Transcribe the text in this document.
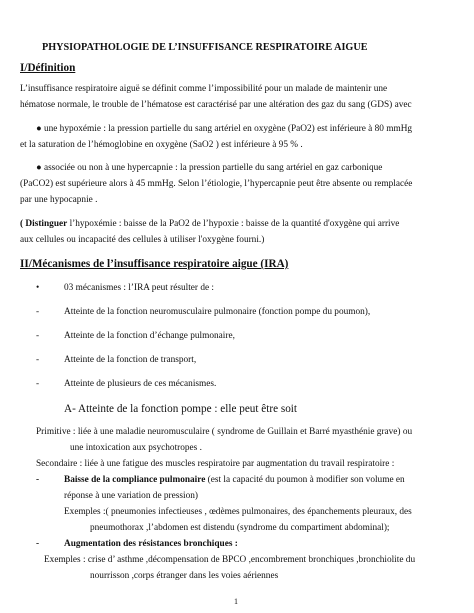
PHYSIOPATHOLOGIE DE L’INSUFFISANCE RESPIRATOIRE AIGUE
I/Définition
L’insuffisance respiratoire aiguë se définit comme l’impossibilité pour un malade de maintenir une
hématose normale, le trouble de l’hématose est caractérisé par une altération des gaz du sang (GDS) avec
● une hypoxémie : la pression partielle du sang artériel en oxygène (PaO2) est inférieure à 80 mmHg
et la saturation de l’hémoglobine en oxygène (SaO2 ) est inférieure à 95 % .
● associée ou non à une hypercapnie : la pression partielle du sang artériel en gaz carbonique
(PaCO2) est supérieure alors à 45 mmHg. Selon l’étiologie, l’hypercapnie peut être absente ou remplacée
par une hypocapnie .
( Distinguer l’hypoxémie : baisse de la PaO2 de l’hypoxie : baisse de la quantité d'oxygène qui arrive
aux cellules ou incapacité des cellules à utiliser l'oxygène fourni.)
II/Mécanismes de l’insuffisance respiratoire aigue (IRA)
•	03 mécanismes : l’IRA peut résulter de :
-	Atteinte de la fonction neuromusculaire pulmonaire (fonction pompe du poumon),
-	Atteinte de la fonction d’échange pulmonaire,
-	Atteinte de la fonction de transport,
-	Atteinte de plusieurs de ces mécanismes.
A- Atteinte de la fonction pompe : elle peut être soit
Primitive : liée à une maladie neuromusculaire ( syndrome de Guillain et Barré myasthénie grave) ou
une intoxication aux psychotropes .
Secondaire : liée à une fatigue des muscles respiratoire par augmentation du travail respiratoire :
-	Baisse de la compliance pulmonaire (est la capacité du poumon à modifier son volume en
réponse à une variation de pression)
Exemples :( pneumonies infectieuses , œdèmes pulmonaires, des épanchements pleuraux, des
pneumothorax ,l’abdomen est distendu (syndrome du compartiment abdominal);
-	Augmentation des résistances bronchiques :
Exemples : crise d’ asthme ,décompensation de BPCO ,encombrement bronchiques ,bronchiolite du
nourrisson ,corps étranger dans les voies aériennes
1
